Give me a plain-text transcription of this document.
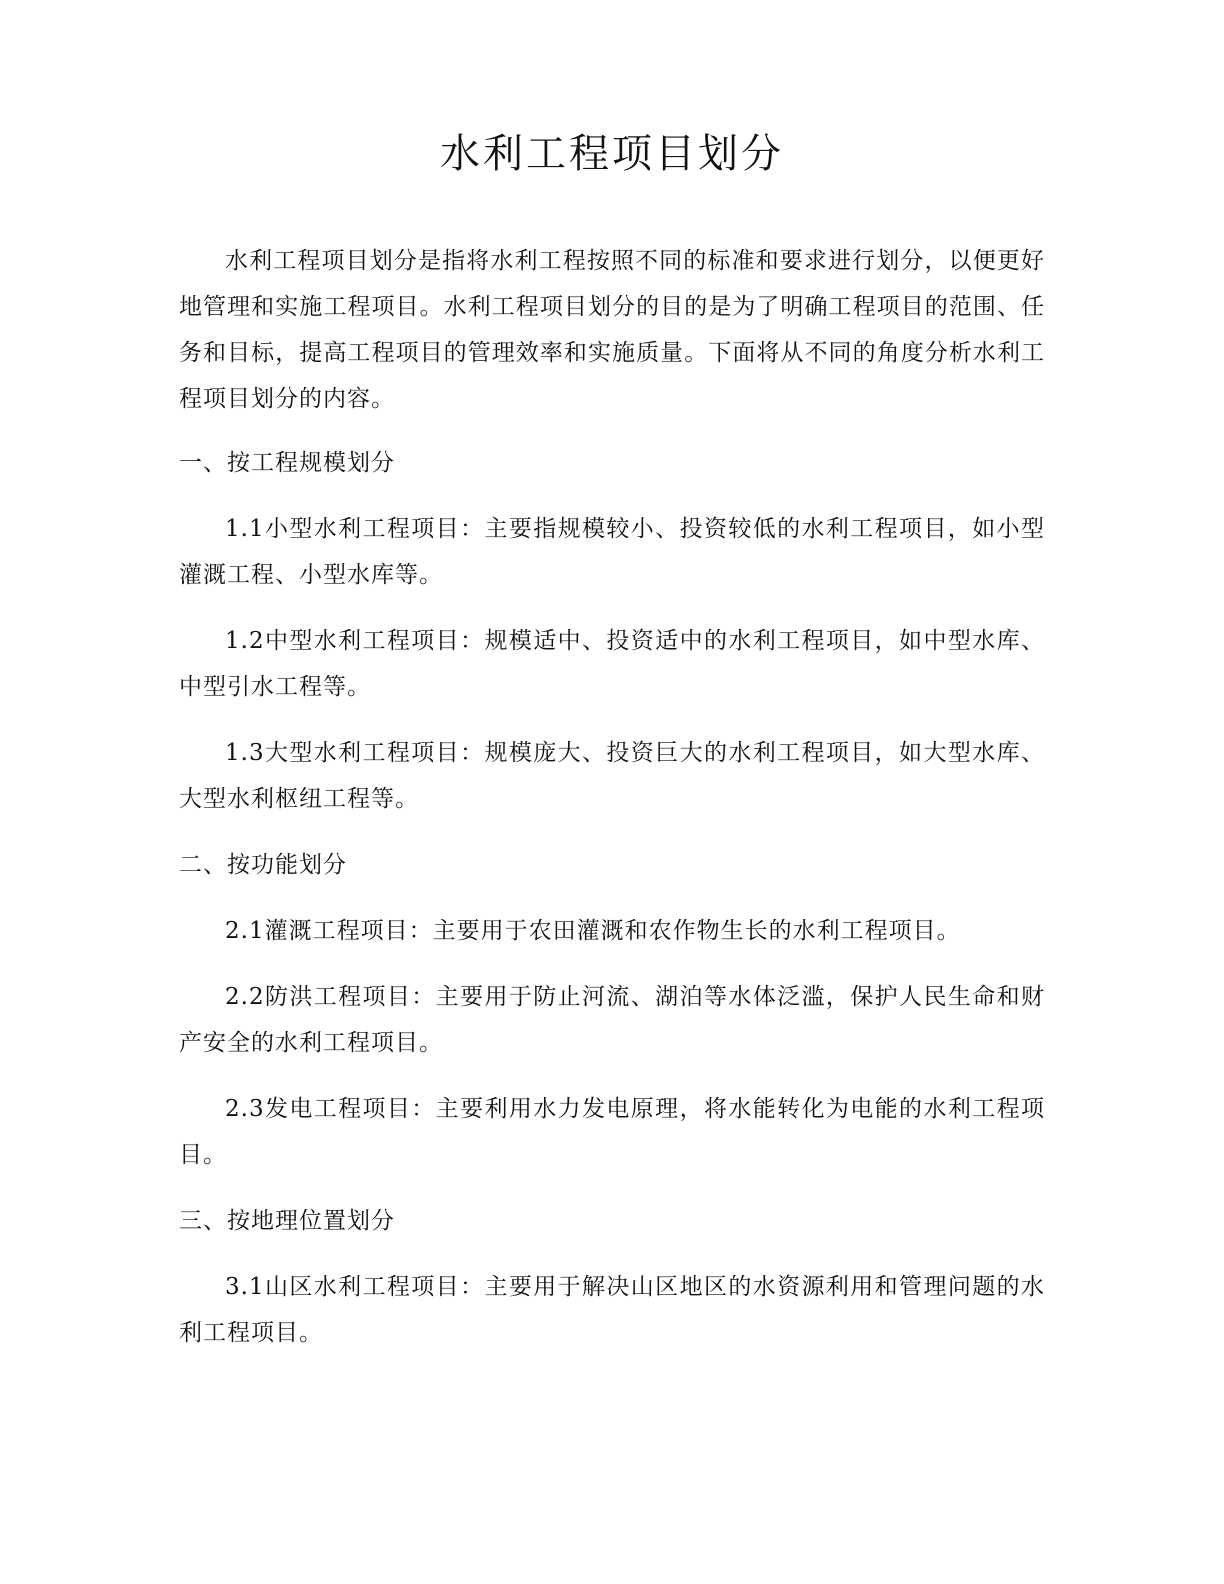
水利工程项目划分

水利工程项目划分是指将水利工程按照不同的标准和要求进行划分，以便更好地管理和实施工程项目。水利工程项目划分的目的是为了明确工程项目的范围、任务和目标，提高工程项目的管理效率和实施质量。下面将从不同的角度分析水利工程项目划分的内容。

一、按工程规模划分

1.1小型水利工程项目：主要指规模较小、投资较低的水利工程项目，如小型灌溉工程、小型水库等。

1.2中型水利工程项目：规模适中、投资适中的水利工程项目，如中型水库、中型引水工程等。

1.3大型水利工程项目：规模庞大、投资巨大的水利工程项目，如大型水库、大型水利枢纽工程等。

二、按功能划分

2.1灌溉工程项目：主要用于农田灌溉和农作物生长的水利工程项目。

2.2防洪工程项目：主要用于防止河流、湖泊等水体泛滥，保护人民生命和财产安全的水利工程项目。

2.3发电工程项目：主要利用水力发电原理，将水能转化为电能的水利工程项目。

三、按地理位置划分

3.1山区水利工程项目：主要用于解决山区地区的水资源利用和管理问题的水利工程项目。
